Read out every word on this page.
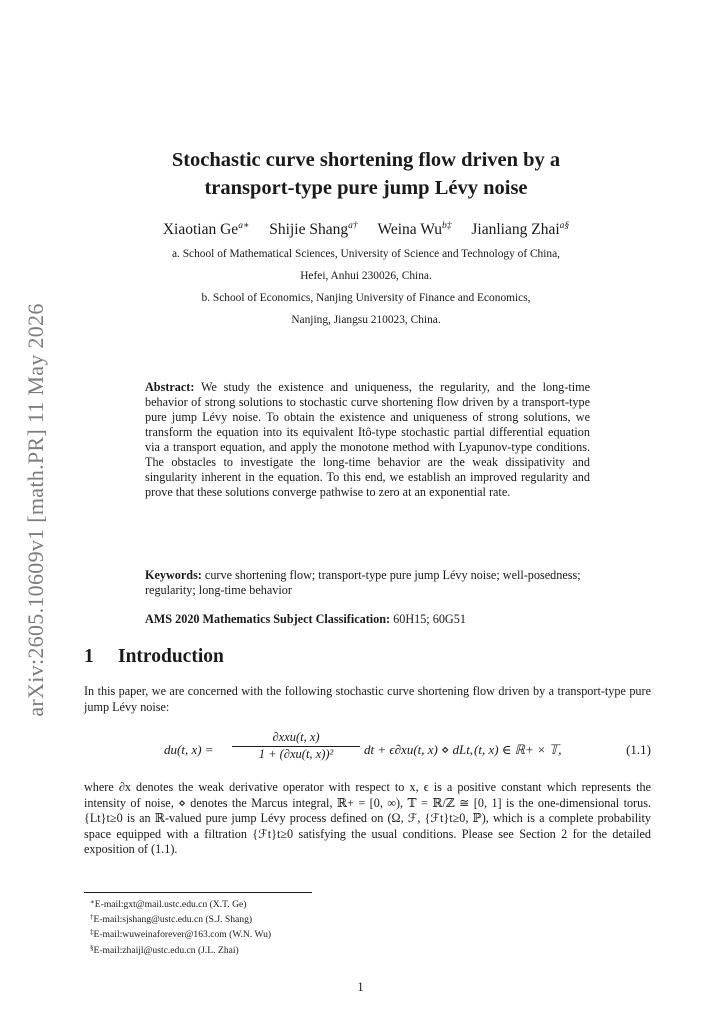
arXiv:2605.10609v1 [math.PR] 11 May 2026
Stochastic curve shortening flow driven by a
transport-type pure jump Lévy noise
Xiaotian $Ge^{a∗}$ Shijie Shang$^{a\dagger}$ Weina $Wu^{b\ddagger}$ Jianliang Zhai$^{a\S}$
a. School of Mathematical Sciences, University of Science and Technology of China,
Hefei, Anhui 230026, China.
b. School of Economics, Nanjing University of Finance and Economics,
Nanjing, Jiangsu 210023, China.
Abstract: We study the existence and uniqueness, the regularity, and the long-time behavior of strong solutions to stochastic curve shortening flow driven by a transport-type pure jump Lévy noise. To obtain the existence and uniqueness of strong solutions, we transform the equation into its equivalent Itô-type stochastic partial differential equation via a transport equation, and apply the monotone method with Lyapunov-type conditions. The obstacles to investigate the long-time behavior are the weak dissipativity and singularity inherent in the equation. To this end, we establish an improved regularity and prove that these solutions converge pathwise to zero at an exponential rate.
Keywords: curve shortening flow; transport-type pure jump Lévy noise; well-posedness; regularity; long-time behavior
AMS 2020 Mathematics Subject Classification: 60H15; 60G51
1 Introduction
In this paper, we are concerned with the following stochastic curve shortening flow driven by a transport-type pure jump Lévy noise:
du(t, x) =
∂xxu(t, x)
1 + (∂xu(t, x))²	dt + ϵ∂xu(t, x) ⋄ dLt, (t, x) ∈ ℝ+ × 𝕋,	(1.1)
where ∂x denotes the weak derivative operator with respect to x, ϵ is a positive constant which represents the intensity of noise, ⋄ denotes the Marcus integral, ℝ+ = [0, ∞), 𝕋 = ℝ/ℤ ≅ [0, 1] is the one-dimensional torus. {Lt}t≥0 is an ℝ-valued pure jump Lévy process defined on (Ω, ℱ, {ℱt}t≥0, ℙ), which is a complete probability space equipped with a filtration {ℱt}t≥0 satisfying the usual conditions. Please see Section 2 for the detailed exposition of (1.1).
∗E-mail:gxt@mail.ustc.edu.cn (X.T. Ge)
†E-mail:sjshang@ustc.edu.cn (S.J. Shang)
‡E-mail:wuweinaforever@163.com (W.N. Wu)
§E-mail:zhaijl@ustc.edu.cn (J.L. Zhai)
1
